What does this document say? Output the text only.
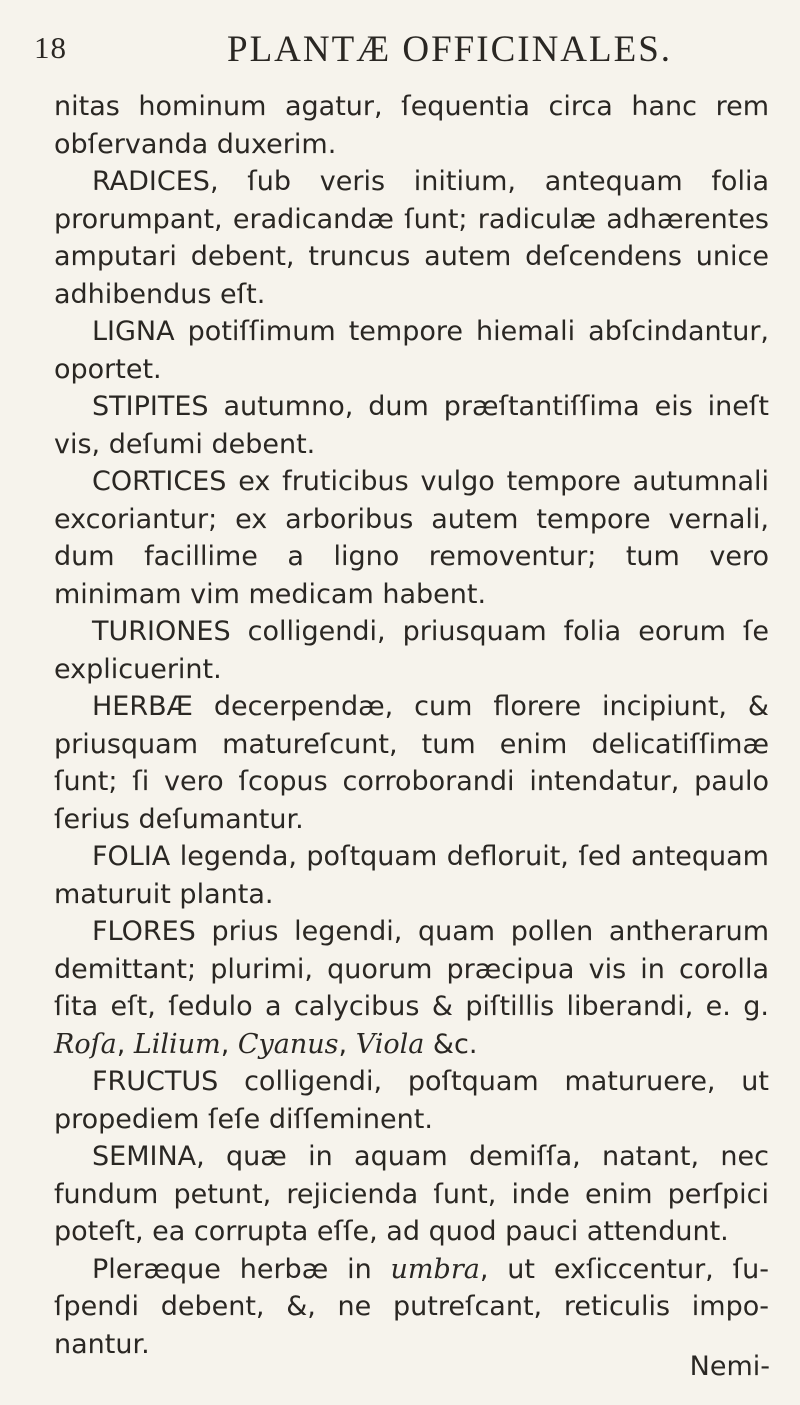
18	PLANTÆ OFFICINALES.

nitas hominum agatur, ſequentia circa hanc rem obſervanda duxerim.

RADICES, ſub veris initium, antequam folia prorumpant, eradicandæ ſunt; radiculæ adhærentes amputari debent, truncus autem deſcendens unice adhibendus eſt.

LIGNA potiſſimum tempore hiemali abſcindantur, oportet.

STIPITES autumno, dum præſtantiſſima eis ineſt vis, deſumi debent.

CORTICES ex fruticibus vulgo tempore autumnali excoriantur; ex arboribus autem tempore vernali, dum facillime a ligno removentur; tum vero minimam vim medicam habent.

TURIONES colligendi, priusquam folia eorum ſe explicuerint.

HERBÆ decerpendæ, cum florere incipiunt, & priusquam matureſcunt, tum enim delicatiſſimæ ſunt; ſi vero ſcopus corroborandi intendatur, paulo ſerius deſumantur.

FOLIA legenda, poſtquam defloruit, ſed antequam maturuit planta.

FLORES prius legendi, quam pollen antherarum demittant; plurimi, quorum præcipua vis in corolla ſita eſt, ſedulo a calycibus & piſtillis liberandi, e. g. Roſa, Lilium, Cyanus, Viola &c.

FRUCTUS colligendi, poſtquam maturuere, ut propediem ſeſe diſſeminent.

SEMINA, quæ in aquam demiſſa, natant, nec fundum petunt, rejicienda ſunt, inde enim perſpici poteſt, ea corrupta eſſe, ad quod pauci attendunt.

Pleræque herbæ in umbra, ut exſiccentur, ſuſpendi debent, &, ne putreſcant, reticulis imponantur.

Nemi-
